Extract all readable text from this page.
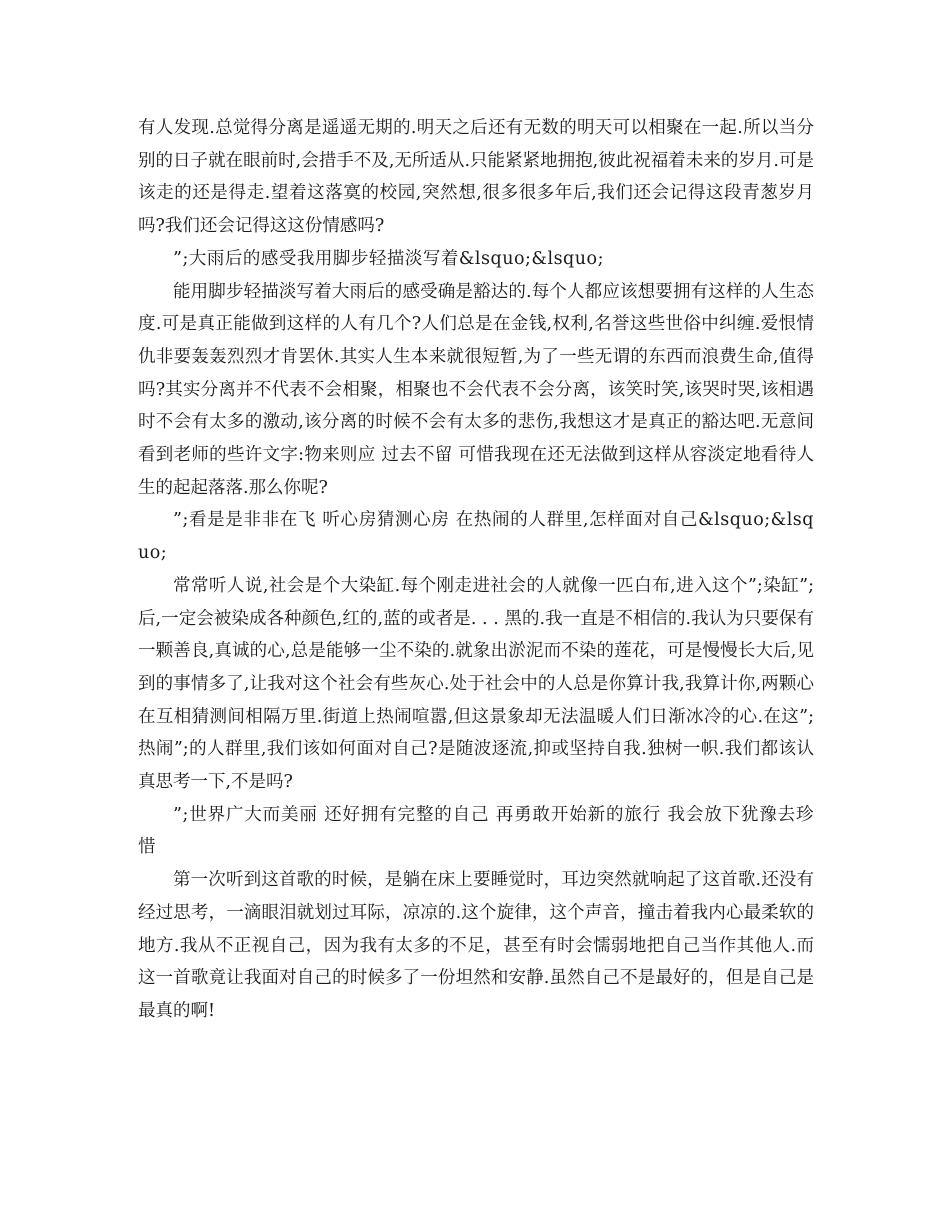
有人发现.总觉得分离是遥遥无期的.明天之后还有无数的明天可以相聚在一起.所以当分别的日子就在眼前时,会措手不及,无所适从.只能紧紧地拥抱,彼此祝福着未来的岁月.可是该走的还是得走.望着这落寞的校园,突然想,很多很多年后,我们还会记得这段青葱岁月吗?我们还会记得这这份情感吗?

”;大雨后的感受我用脚步轻描淡写着&lsquo;&lsquo;

能用脚步轻描淡写着大雨后的感受确是豁达的.每个人都应该想要拥有这样的人生态度.可是真正能做到这样的人有几个?人们总是在金钱,权利,名誉这些世俗中纠缠.爱恨情仇非要轰轰烈烈才肯罢休.其实人生本来就很短暂,为了一些无谓的东西而浪费生命,值得吗?其实分离并不代表不会相聚，相聚也不会代表不会分离，该笑时笑,该哭时哭,该相遇时不会有太多的激动,该分离的时候不会有太多的悲伤,我想这才是真正的豁达吧.无意间看到老师的些许文字:物来则应 过去不留 可惜我现在还无法做到这样从容淡定地看待人生的起起落落.那么你呢?

”;看是是非非在飞 听心房猜测心房 在热闹的人群里,怎样面对自己&lsquo;&lsquo;

常常听人说,社会是个大染缸.每个刚走进社会的人就像一匹白布,进入这个”;染缸”;后,一定会被染成各种颜色,红的,蓝的或者是. . . 黑的.我一直是不相信的.我认为只要保有一颗善良,真诚的心,总是能够一尘不染的.就象出淤泥而不染的莲花，可是慢慢长大后,见到的事情多了,让我对这个社会有些灰心.处于社会中的人总是你算计我,我算计你,两颗心在互相猜测间相隔万里.街道上热闹喧嚣,但这景象却无法温暖人们日渐冰冷的心.在这”;热闹”;的人群里,我们该如何面对自己?是随波逐流,抑或坚持自我.独树一帜.我们都该认真思考一下,不是吗?

”;世界广大而美丽 还好拥有完整的自己 再勇敢开始新的旅行 我会放下犹豫去珍惜

第一次听到这首歌的时候，是躺在床上要睡觉时，耳边突然就响起了这首歌.还没有经过思考，一滴眼泪就划过耳际，凉凉的.这个旋律，这个声音，撞击着我内心最柔软的地方.我从不正视自己，因为我有太多的不足，甚至有时会懦弱地把自己当作其他人.而这一首歌竟让我面对自己的时候多了一份坦然和安静.虽然自己不是最好的，但是自己是最真的啊!
